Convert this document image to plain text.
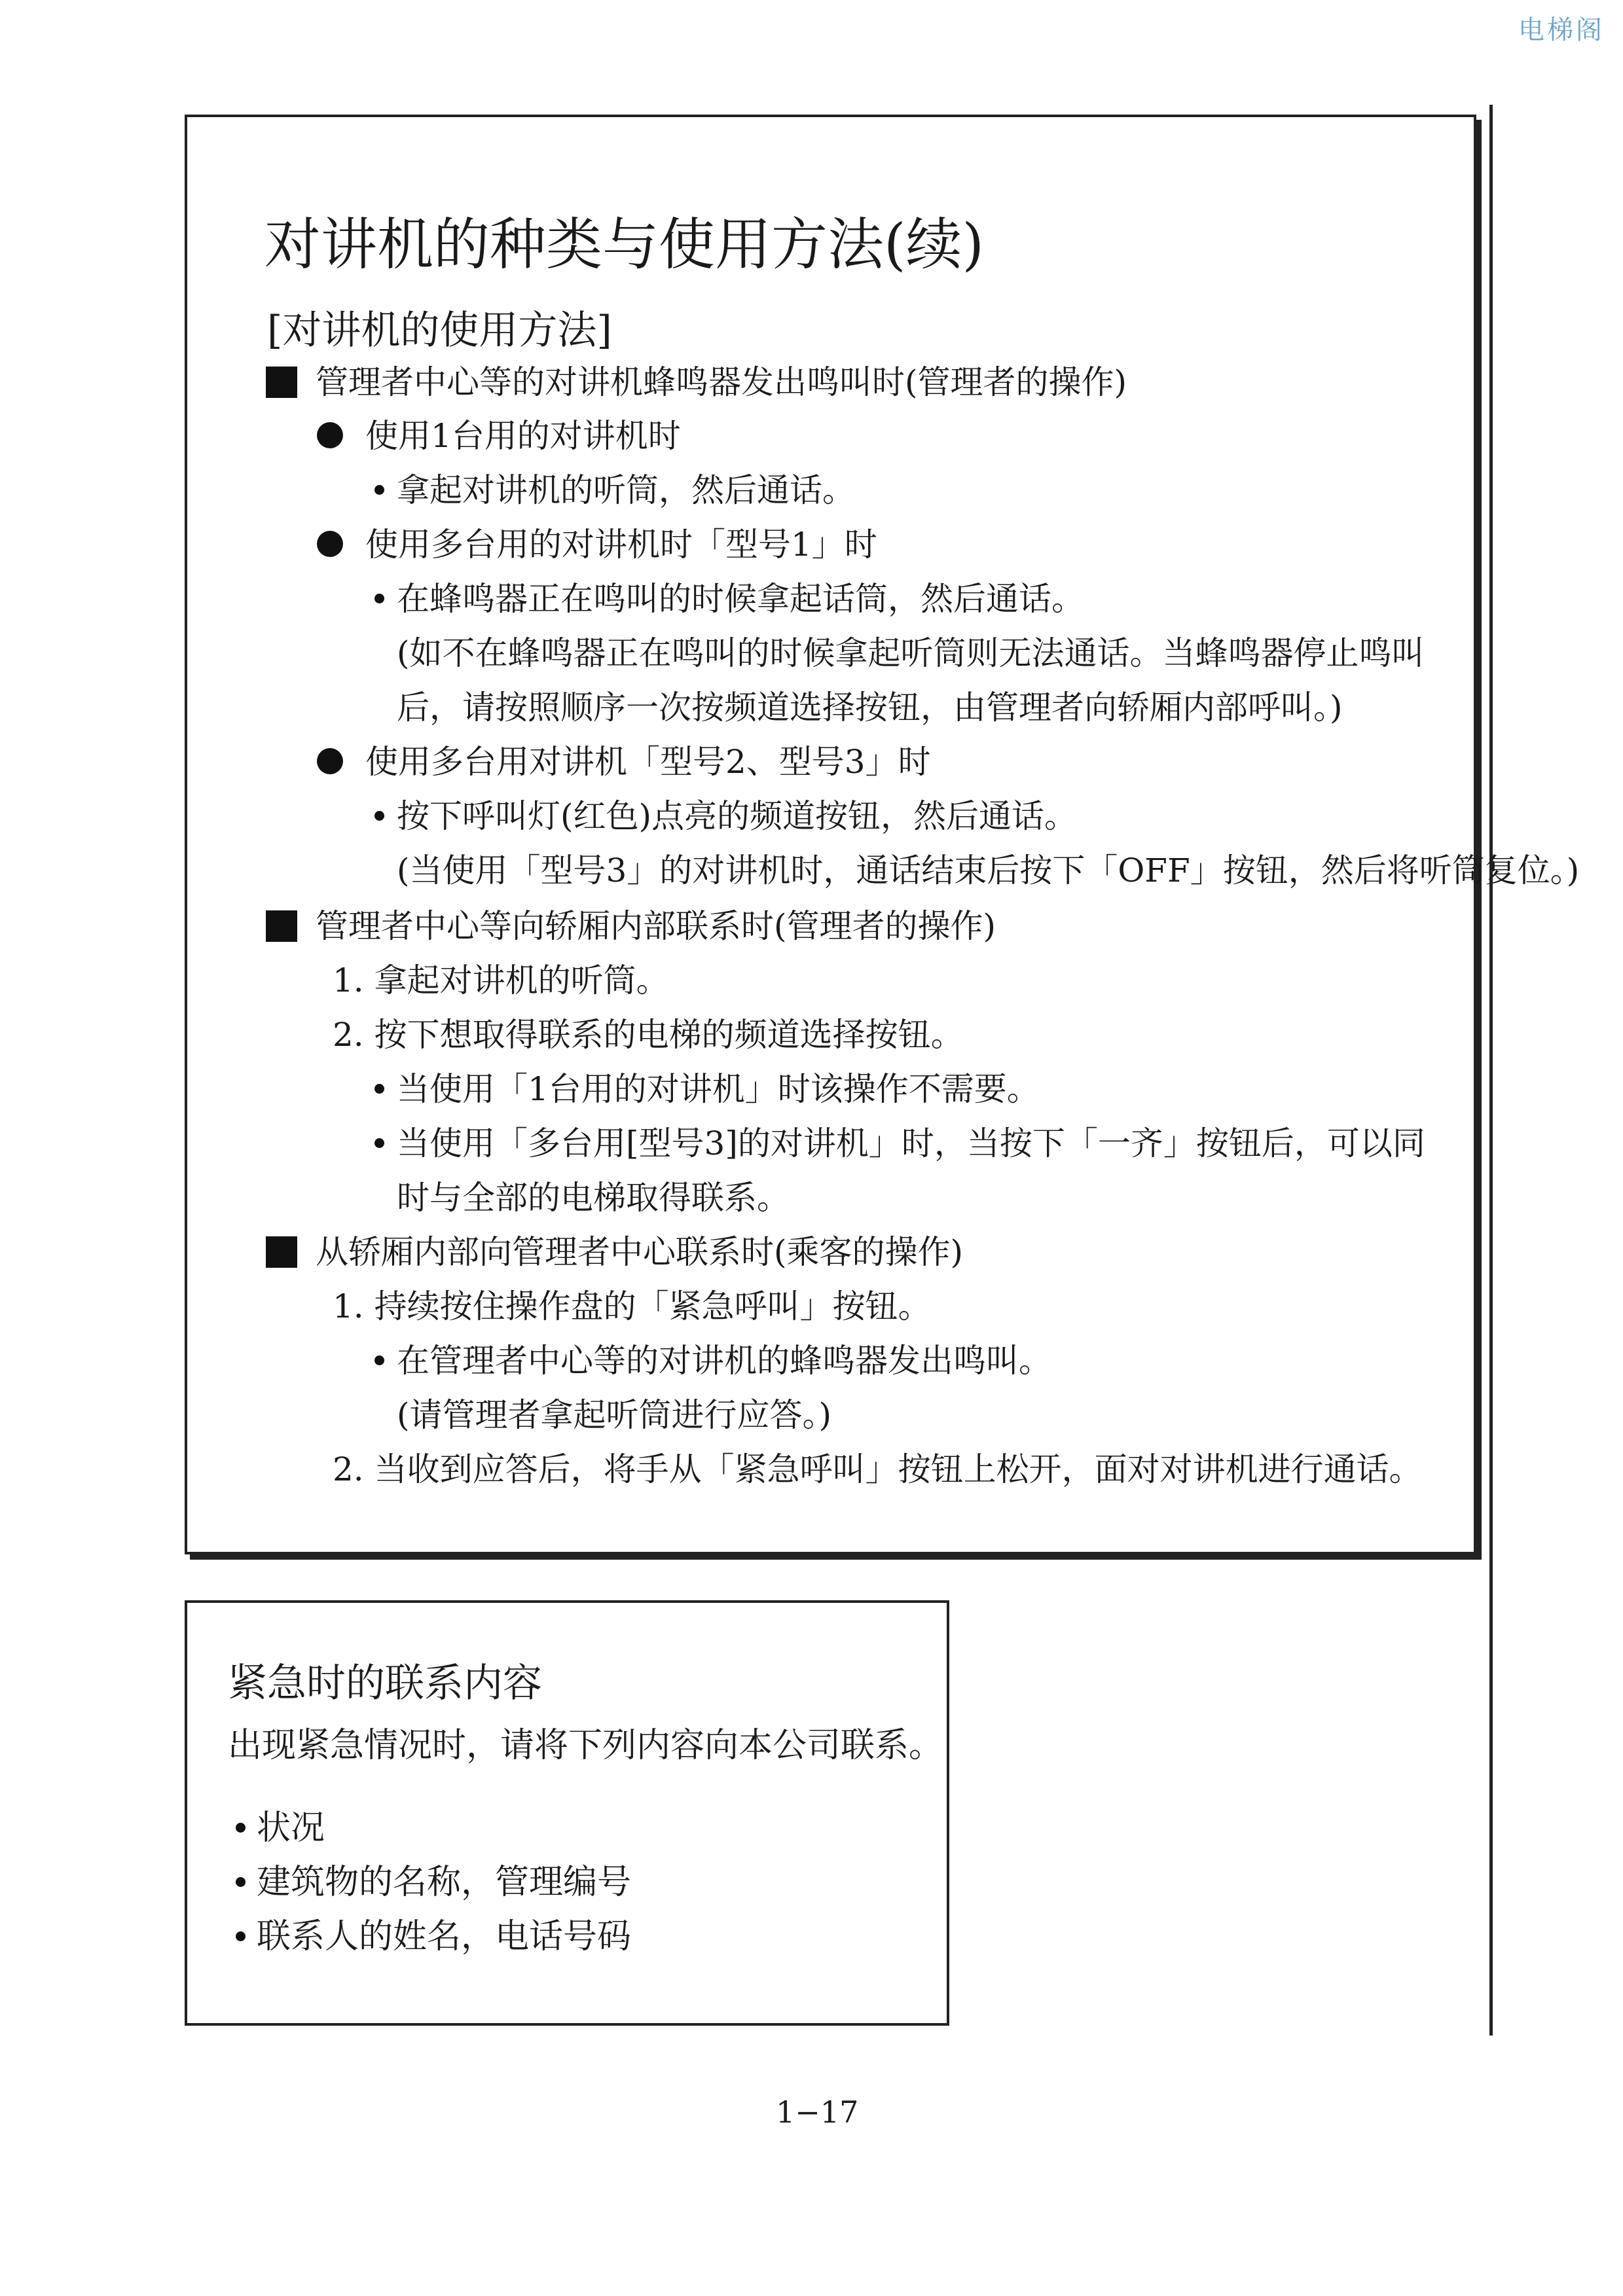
电梯阁
对讲机的种类与使用方法(续)
[对讲机的使用方法]
管理者中心等的对讲机蜂鸣器发出鸣叫时(管理者的操作)
使用1台用的对讲机时
拿起对讲机的听筒，然后通话。
使用多台用的对讲机时「型号1」时
在蜂鸣器正在鸣叫的时候拿起话筒，然后通话。
(如不在蜂鸣器正在鸣叫的时候拿起听筒则无法通话。当蜂鸣器停止鸣叫
后，请按照顺序一次按频道选择按钮，由管理者向轿厢内部呼叫。)
使用多台用对讲机「型号2、型号3」时
按下呼叫灯(红色)点亮的频道按钮，然后通话。
(当使用「型号3」的对讲机时，通话结束后按下「OFF」按钮，然后将听筒复位。)
管理者中心等向轿厢内部联系时(管理者的操作)
1. 拿起对讲机的听筒。
2. 按下想取得联系的电梯的频道选择按钮。
当使用「1台用的对讲机」时该操作不需要。
当使用「多台用[型号3]的对讲机」时，当按下「一齐」按钮后，可以同
时与全部的电梯取得联系。
从轿厢内部向管理者中心联系时(乘客的操作)
1. 持续按住操作盘的「紧急呼叫」按钮。
在管理者中心等的对讲机的蜂鸣器发出鸣叫。
(请管理者拿起听筒进行应答。)
2. 当收到应答后，将手从「紧急呼叫」按钮上松开，面对对讲机进行通话。
紧急时的联系内容
出现紧急情况时，请将下列内容向本公司联系。
状况
建筑物的名称，管理编号
联系人的姓名，电话号码
1−17
